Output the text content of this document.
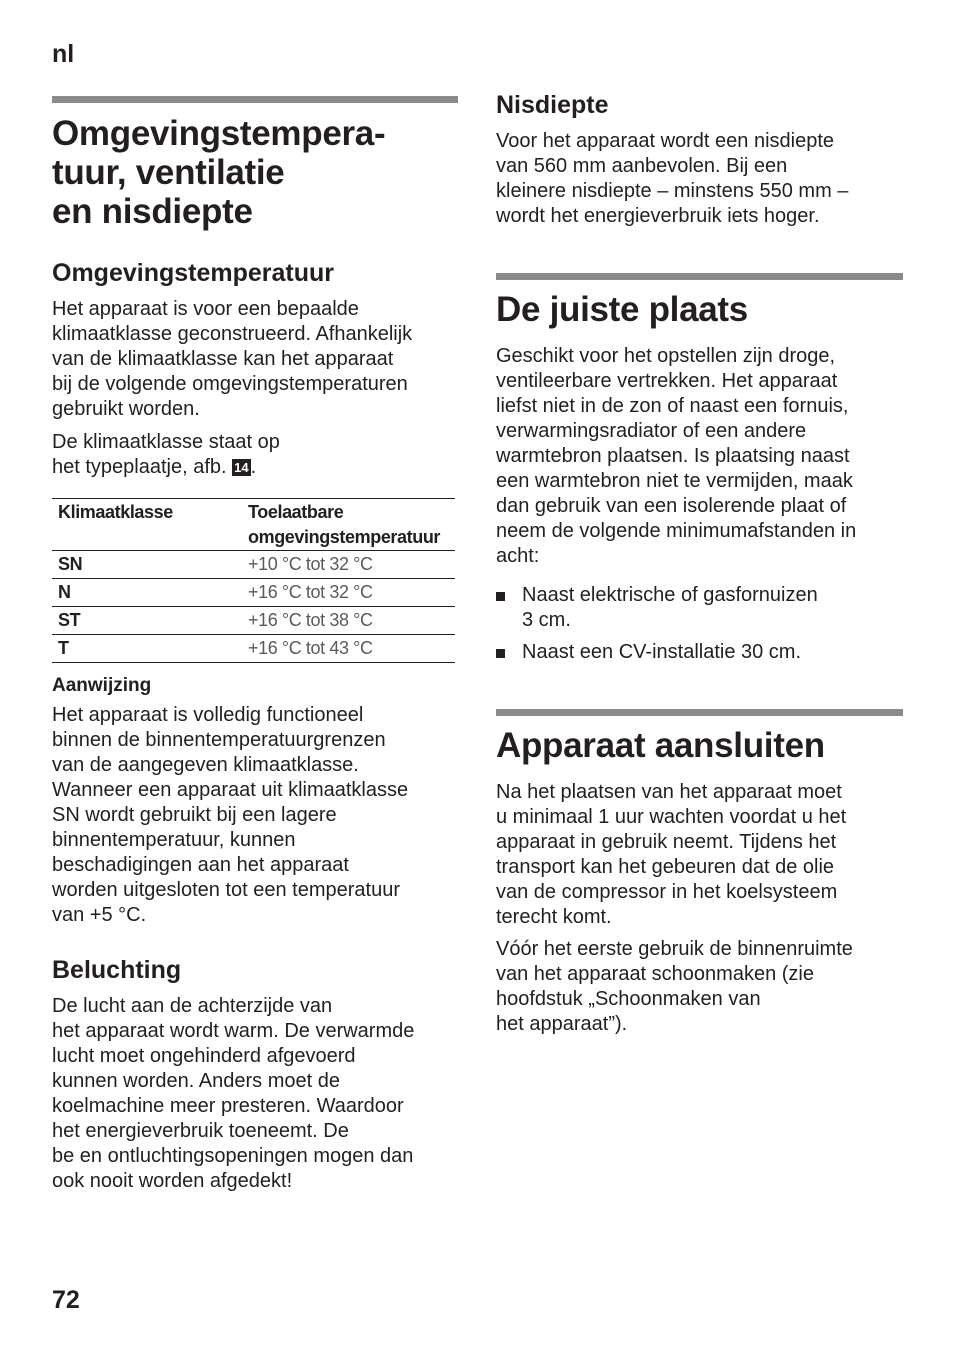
nl
72
Omgevingstempera-
tuur, ventilatie
en nisdiepte
Omgevingstemperatuur

Het apparaat is voor een bepaalde
klimaatklasse geconstrueerd. Afhankelijk
van de klimaatklasse kan het apparaat
bij de volgende omgevingstemperaturen
gebruikt worden.

De klimaatklasse staat op
het typeplaatje, afb. 14 .

Klimaatklasse	Toelaatbare
omgevingstemperatuur
SN	+10 °C tot 32 °C
N	+16 °C tot 32 °C
ST	+16 °C tot 38 °C
T	+16 °C tot 43 °C
Aanwijzing

Het apparaat is volledig functioneel
binnen de binnentemperatuurgrenzen
van de aangegeven klimaatklasse.
Wanneer een apparaat uit klimaatklasse
SN wordt gebruikt bij een lagere
binnentemperatuur, kunnen
beschadigingen aan het apparaat
worden uitgesloten tot een temperatuur
van +5 °C.

Beluchting

De lucht aan de achterzijde van
het apparaat wordt warm. De verwarmde
lucht moet ongehinderd afgevoerd
kunnen worden. Anders moet de
koelmachine meer presteren. Waardoor
het energieverbruik toeneemt. De
be en ontluchtingsopeningen mogen dan
ook nooit worden afgedekt!

Nisdiepte

Voor het apparaat wordt een nisdiepte
van 560 mm aanbevolen. Bij een
kleinere nisdiepte – minstens 550 mm –
wordt het energieverbruik iets hoger.

De juiste plaats

Geschikt voor het opstellen zijn droge,
ventileerbare vertrekken. Het apparaat
liefst niet in de zon of naast een fornuis,
verwarmingsradiator of een andere
warmtebron plaatsen. Is plaatsing naast
een warmtebron niet te vermijden, maak
dan gebruik van een isolerende plaat of
neem de volgende minimumafstanden in
acht:

Naast elektrische of gasfornuizen
3 cm.
Naast een CV-installatie 30 cm.
Apparaat aansluiten

Na het plaatsen van het apparaat moet
u minimaal 1 uur wachten voordat u het
apparaat in gebruik neemt. Tijdens het
transport kan het gebeuren dat de olie
van de compressor in het koelsysteem
terecht komt.

Vóór het eerste gebruik de binnenruimte
van het apparaat schoonmaken (zie
hoofdstuk „Schoonmaken van
het apparaat”).
